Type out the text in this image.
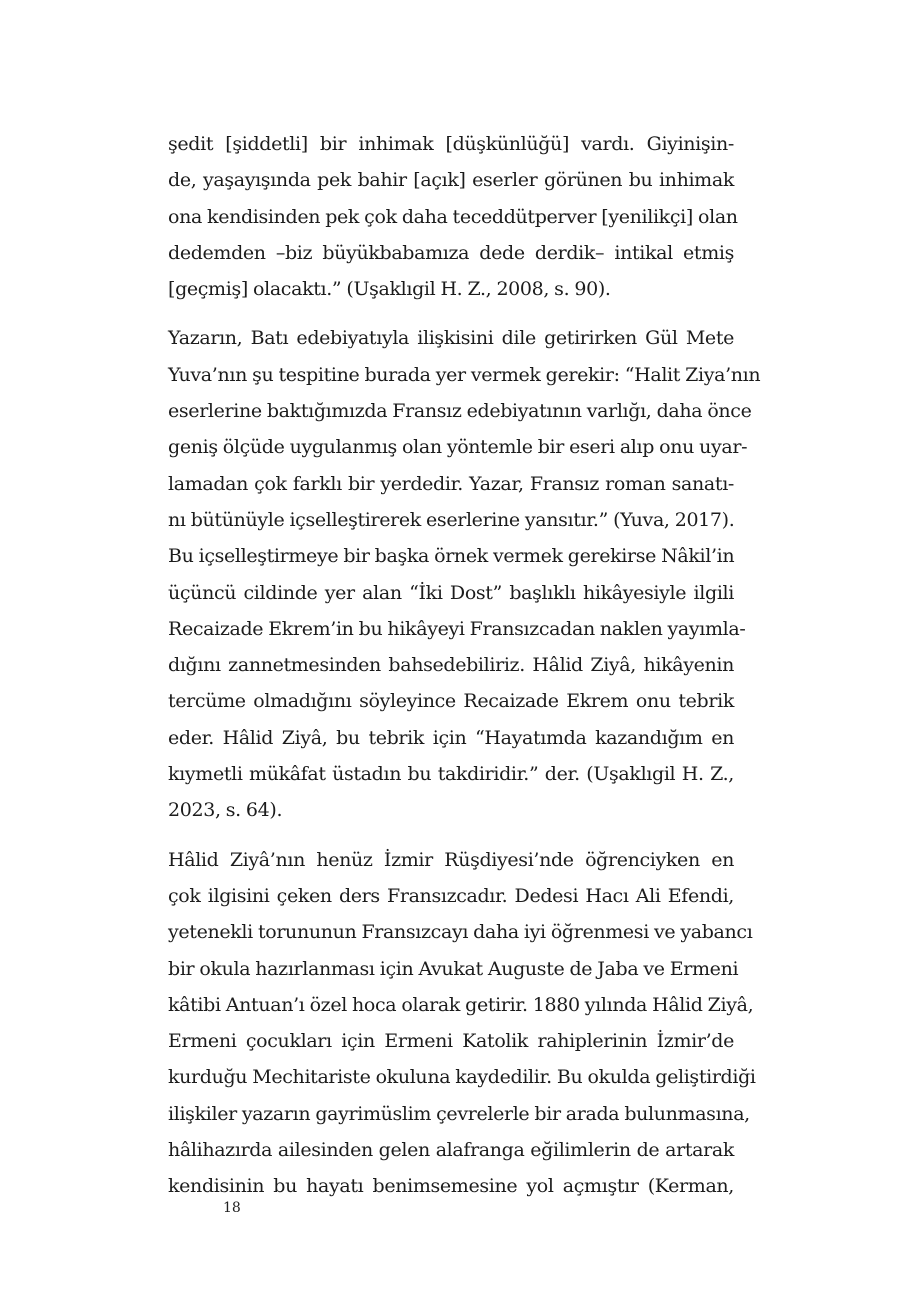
şedit [şiddetli] bir inhimak [düşkünlüğü] vardı. Giyinişin-
de, yaşayışında pek bahir [açık] eserler görünen bu inhimak
ona kendisinden pek çok daha teceddütperver [yenilikçi] olan
dedemden –biz büyükbabamıza dede derdik– intikal etmiş
[geçmiş] olacaktı.” (Uşaklıgil H. Z., 2008, s. 90).

Yazarın, Batı edebiyatıyla ilişkisini dile getirirken Gül Mete
Yuva’nın şu tespitine burada yer vermek gerekir: “Halit Ziya’nın
eserlerine baktığımızda Fransız edebiyatının varlığı, daha önce
geniş ölçüde uygulanmış olan yöntemle bir eseri alıp onu uyar-
lamadan çok farklı bir yerdedir. Yazar, Fransız roman sanatı-
nı bütünüyle içselleştirerek eserlerine yansıtır.” (Yuva, 2017).
Bu içselleştirmeye bir başka örnek vermek gerekirse Nâkil’in
üçüncü cildinde yer alan “İki Dost” başlıklı hikâyesiyle ilgili
Recaizade Ekrem’in bu hikâyeyi Fransızcadan naklen yayımla-
dığını zannetmesinden bahsedebiliriz. Hâlid Ziyâ, hikâyenin
tercüme olmadığını söyleyince Recaizade Ekrem onu tebrik
eder. Hâlid Ziyâ, bu tebrik için “Hayatımda kazandığım en
kıymetli mükâfat üstadın bu takdiridir.” der. (Uşaklıgil H. Z.,
2023, s. 64).

Hâlid Ziyâ’nın henüz İzmir Rüşdiyesi’nde öğrenciyken en
çok ilgisini çeken ders Fransızcadır. Dedesi Hacı Ali Efendi,
yetenekli torununun Fransızcayı daha iyi öğrenmesi ve yabancı
bir okula hazırlanması için Avukat Auguste de Jaba ve Ermeni
kâtibi Antuan’ı özel hoca olarak getirir. 1880 yılında Hâlid Ziyâ,
Ermeni çocukları için Ermeni Katolik rahiplerinin İzmir’de
kurduğu Mechitariste okuluna kaydedilir. Bu okulda geliştirdiği
ilişkiler yazarın gayrimüslim çevrelerle bir arada bulunmasına,
hâlihazırda ailesinden gelen alafranga eğilimlerin de artarak
kendisinin bu hayatı benimsemesine yol açmıştır (Kerman,

18
